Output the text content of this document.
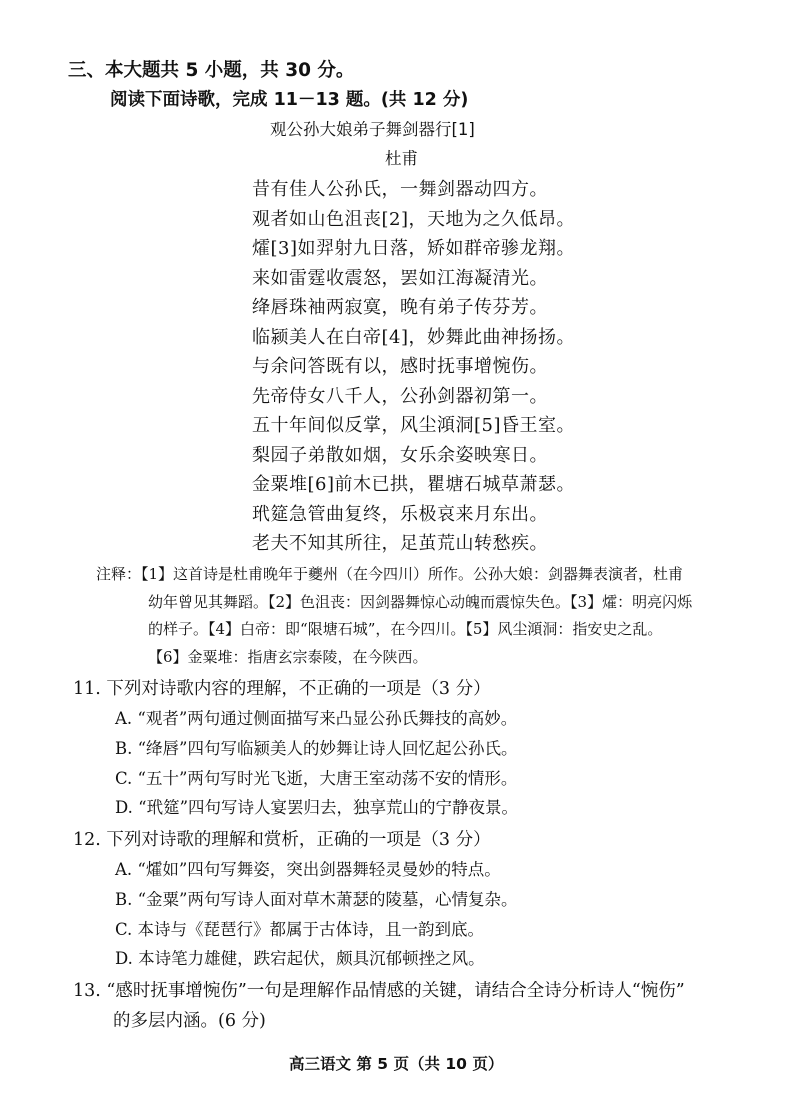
三、本大题共 5 小题，共 30 分。
阅读下面诗歌，完成 11－13 题。(共 12 分)
观公孙大娘弟子舞剑器行[1]
杜甫
昔有佳人公孙氏，一舞剑器动四方。
观者如山色沮丧[2]，天地为之久低昂。
㸌[3]如羿射九日落，矫如群帝骖龙翔。
来如雷霆收震怒，罢如江海凝清光。
绛唇珠袖两寂寞，晚有弟子传芬芳。
临颍美人在白帝[4]，妙舞此曲神扬扬。
与余问答既有以，感时抚事增惋伤。
先帝侍女八千人，公孙剑器初第一。
五十年间似反掌，风尘澒洞[5]昏王室。
梨园子弟散如烟，女乐余姿映寒日。
金粟堆[6]前木已拱，瞿塘石城草萧瑟。
玳筵急管曲复终，乐极哀来月东出。
老夫不知其所往，足茧荒山转愁疾。
注释：【1】这首诗是杜甫晚年于夔州（在今四川）所作。公孙大娘：剑器舞表演者，杜甫
幼年曾见其舞蹈。【2】色沮丧：因剑器舞惊心动魄而震惊失色。【3】㸌：明亮闪烁
的样子。【4】白帝：即“限塘石城”，在今四川。【5】风尘澒洞：指安史之乱。
【6】金粟堆：指唐玄宗泰陵，在今陕西。
11. 下列对诗歌内容的理解，不正确的一项是（3 分）
A. “观者”两句通过侧面描写来凸显公孙氏舞技的高妙。
B. “绛唇”四句写临颍美人的妙舞让诗人回忆起公孙氏。
C. “五十”两句写时光飞逝，大唐王室动荡不安的情形。
D. “玳筵”四句写诗人宴罢归去，独享荒山的宁静夜景。
12. 下列对诗歌的理解和赏析，正确的一项是（3 分）
A. “㸌如”四句写舞姿，突出剑器舞轻灵曼妙的特点。
B. “金粟”两句写诗人面对草木萧瑟的陵墓，心情复杂。
C. 本诗与《琵琶行》都属于古体诗，且一韵到底。
D. 本诗笔力雄健，跌宕起伏，颇具沉郁顿挫之风。
13. “感时抚事增惋伤”一句是理解作品情感的关键，请结合全诗分析诗人“惋伤”
的多层内涵。(6 分)
高三语文 第 5 页（共 10 页）
